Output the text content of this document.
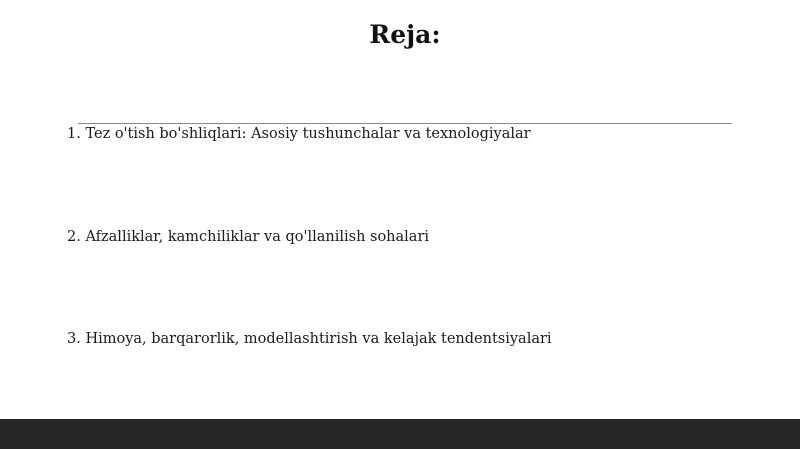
Reja:
1. Tez o'tish bo'shliqlari: Asosiy tushunchalar va texnologiyalar
2. Afzalliklar, kamchiliklar va qo'llanilish sohalari
3. Himoya, barqarorlik, modellashtirish va kelajak tendentsiyalari
